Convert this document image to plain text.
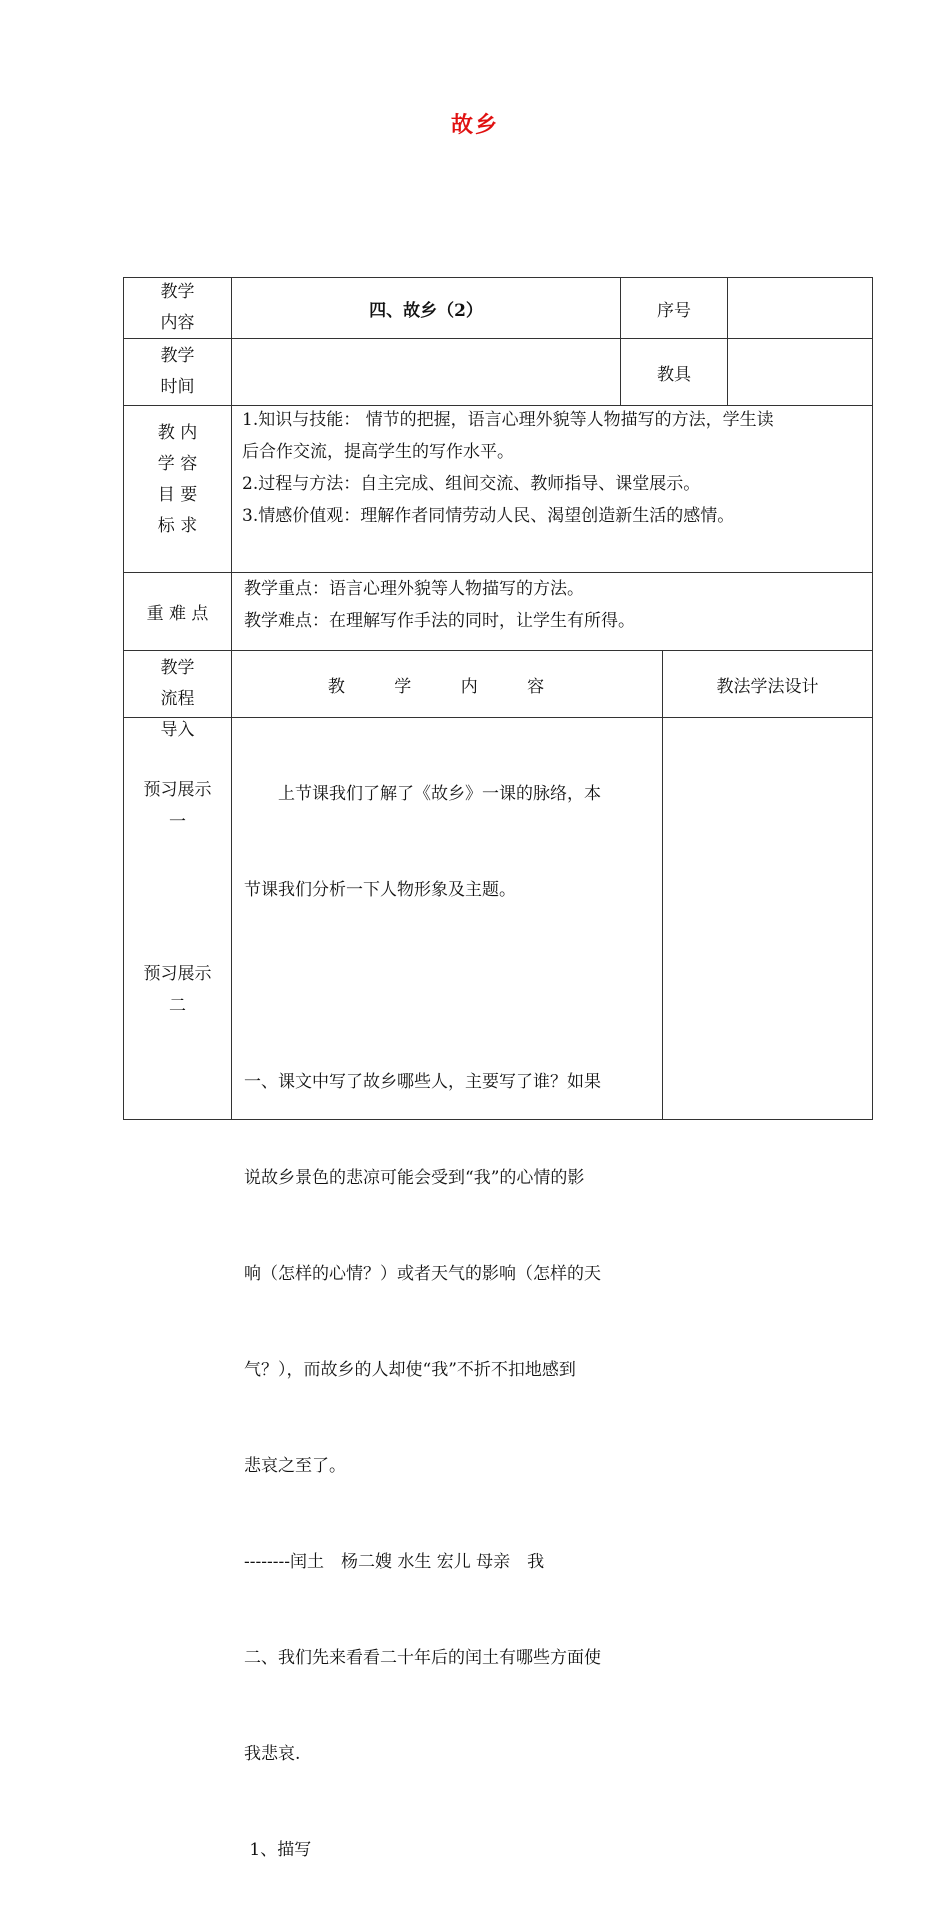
故乡
教学
内容
四、故乡（2）	序号
教学
时间
教具
教 内
学 容
目 要
标 求
1.知识与技能： 情节的把握，语言心理外貌等人物描写的方法，学生读
后合作交流，提高学生的写作水平。
2.过程与方法：自主完成、组间交流、教师指导、课堂展示。
3.情感价值观：理解作者同情劳动人民、渴望创造新生活的感情。
重 难 点
教学重点：语言心理外貌等人物描写的方法。
教学难点：在理解写作手法的同时，让学生有所得。
教学
流程
教 学 内 容	教法学法设计
导入
预习展示
一
预习展示
二

　　上节课我们了解了《故乡》一课的脉络，本

节课我们分析一下人物形象及主题。

一、课文中写了故乡哪些人，主要写了谁？如果

说故乡景色的悲凉可能会受到“我”的心情的影

响（怎样的心情？）或者天气的影响（怎样的天

气？），而故乡的人却使“我”不折不扣地感到

悲哀之至了。

--------闰土　杨二嫂 水生 宏儿 母亲　我

二、我们先来看看二十年后的闰土有哪些方面使

我悲哀.

1、描写
